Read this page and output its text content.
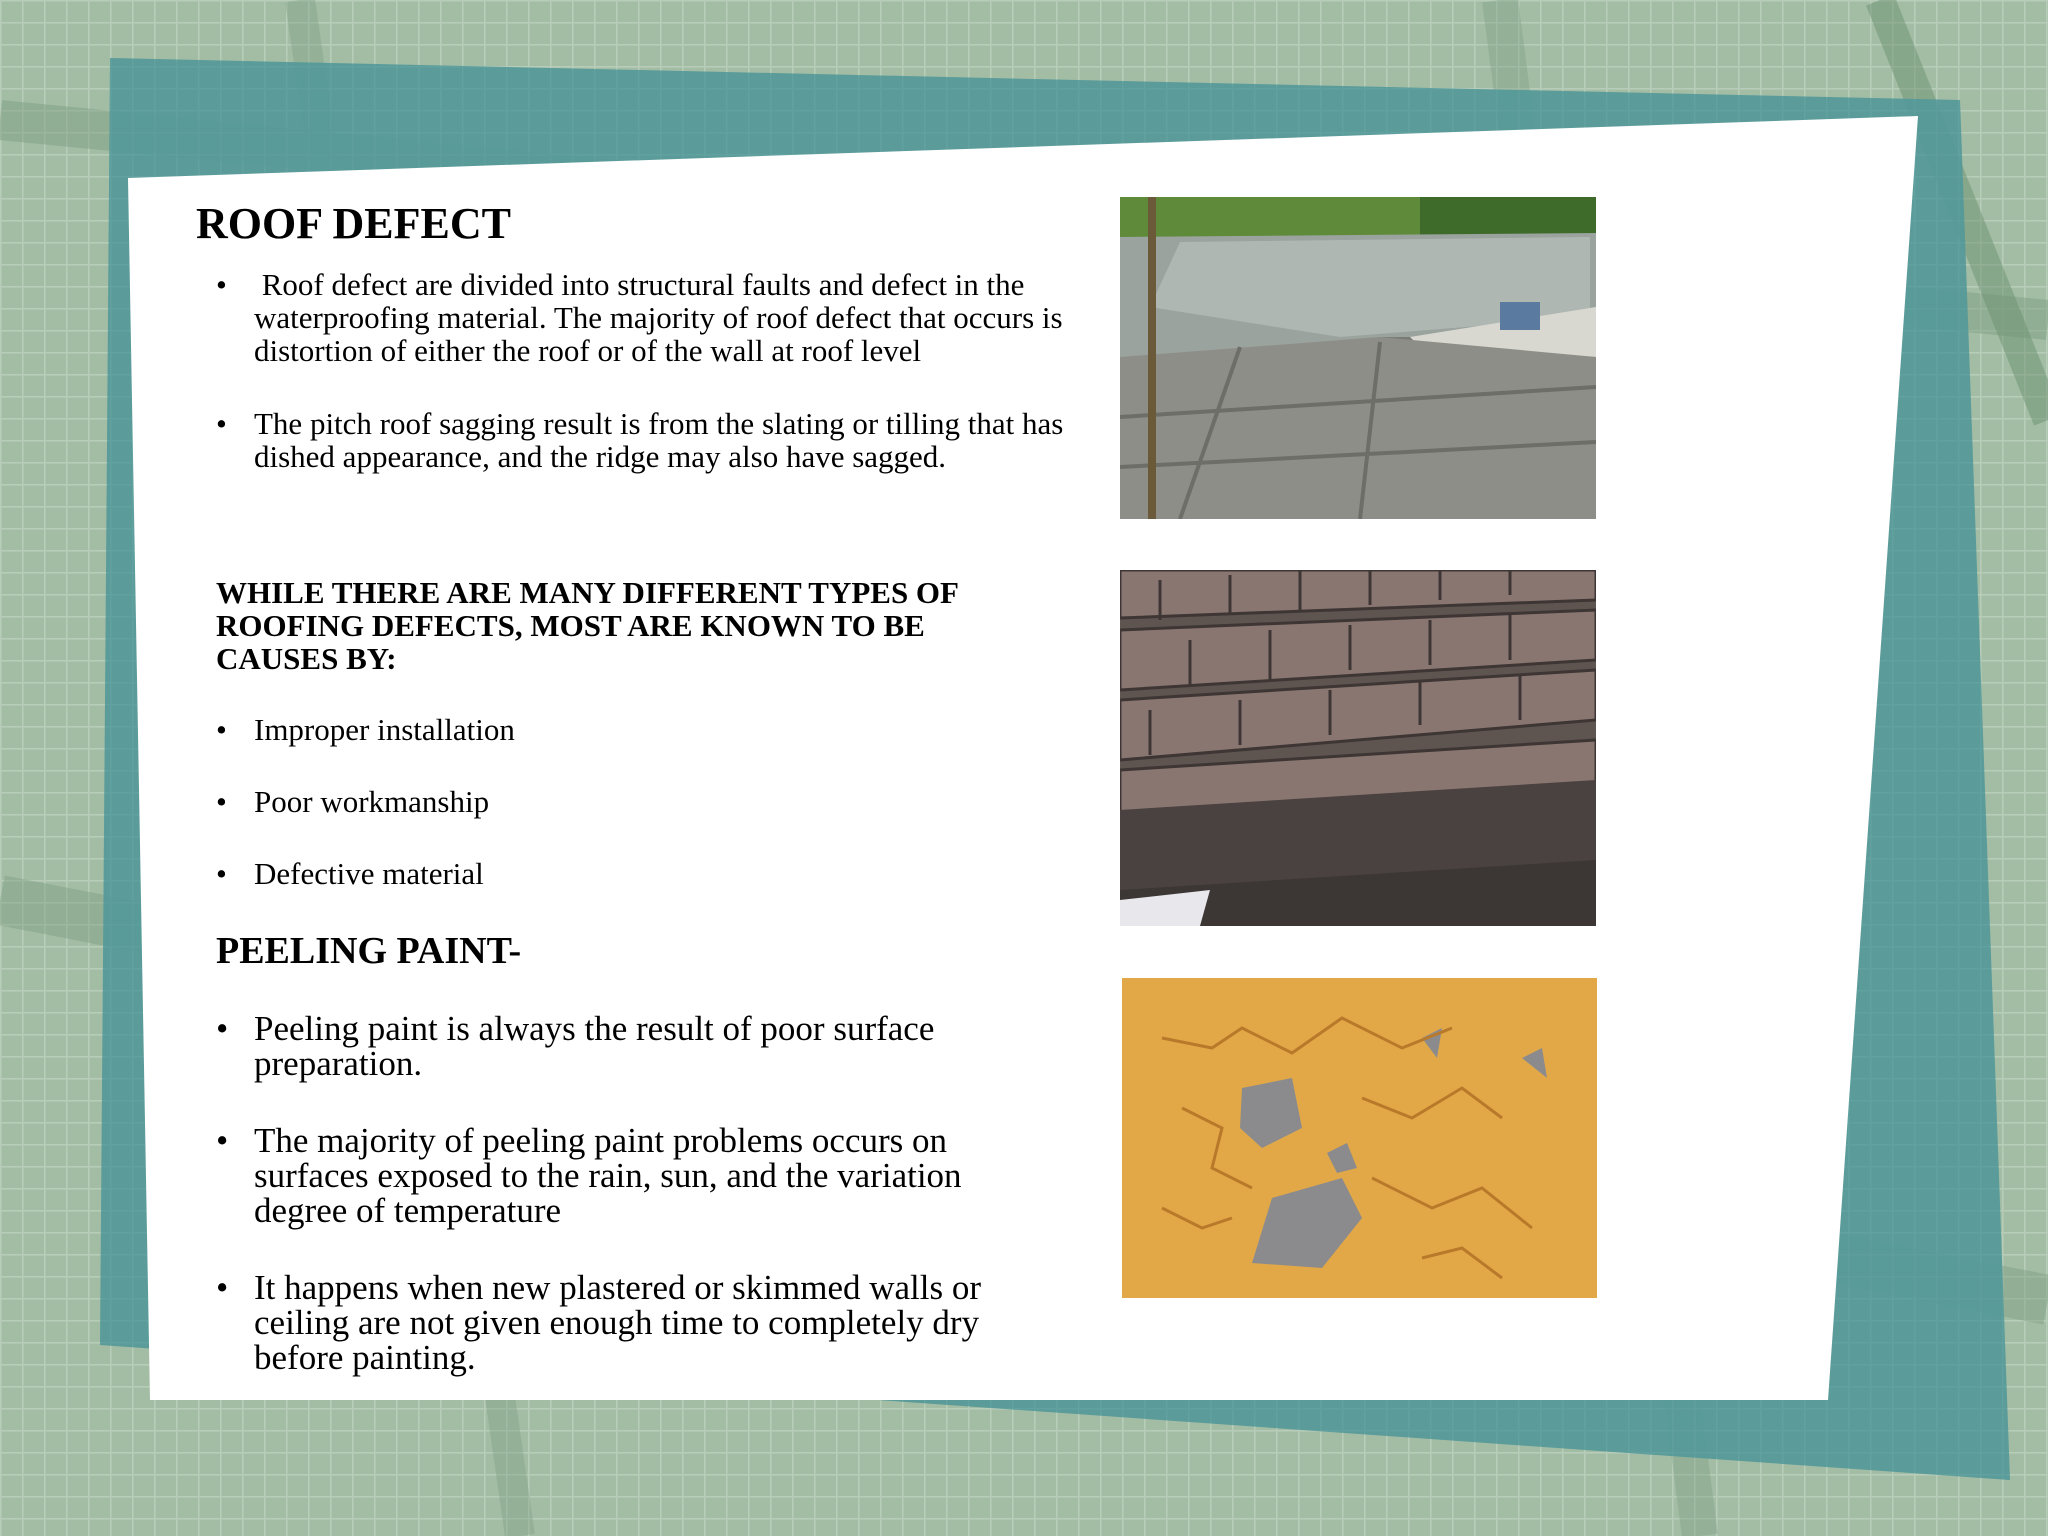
ROOF DEFECT
•  Roof defect are divided into structural faults and defect in the waterproofing material. The majority of roof defect that occurs is distortion of either the roof or of the wall at roof level
• The pitch roof sagging result is from the slating or tilling that has dished appearance, and the ridge may also have sagged.
WHILE THERE ARE MANY DIFFERENT TYPES OF
ROOFING DEFECTS, MOST ARE KNOWN TO BE
CAUSES BY:
• Improper installation
• Poor workmanship
• Defective material
PEELING PAINT-
• Peeling paint is always the result of poor surface preparation.
• The majority of peeling paint problems occurs on surfaces exposed to the rain, sun, and the variation degree of temperature
• It happens when new plastered or skimmed walls or ceiling are not given enough time to completely dry before painting.
